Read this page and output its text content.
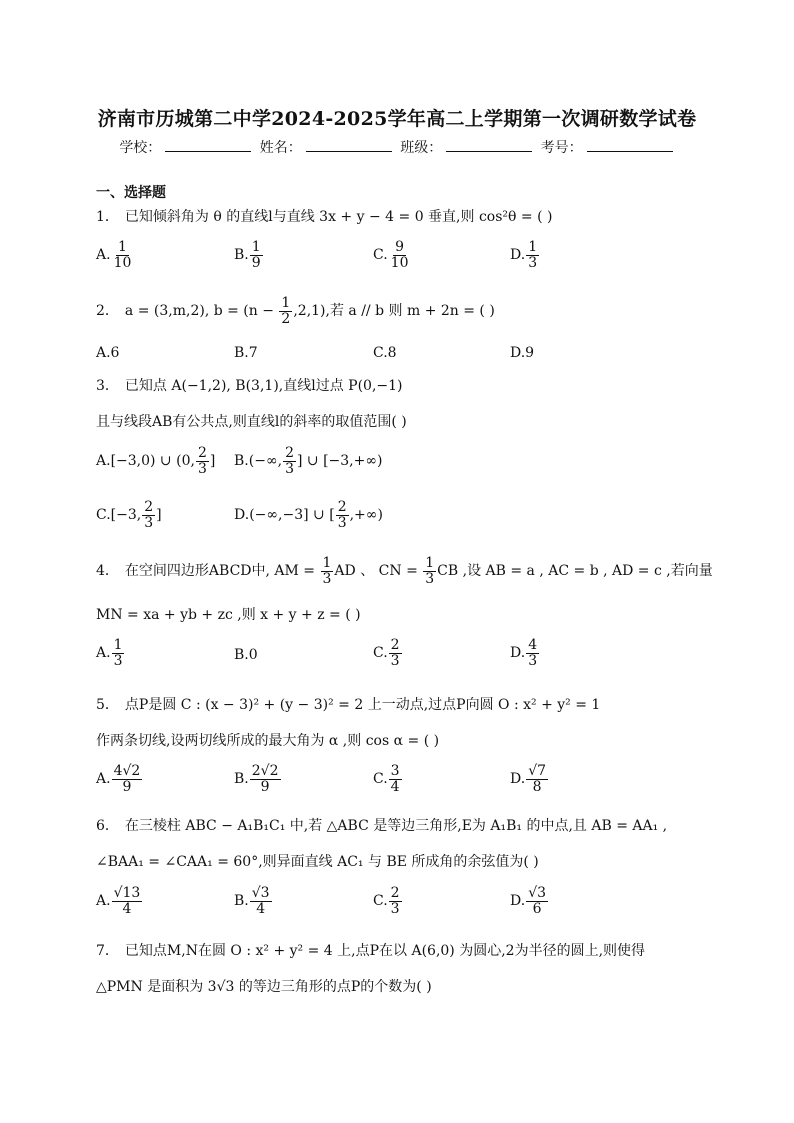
济南市历城第二中学2024-2025学年高二上学期第一次调研数学试卷
学校：	姓名：	班级：	考号：
一、选择题
1． 已知倾斜角为 θ 的直线l与直线 3x + y − 4 = 0 垂直,则 cos²θ = ( )
A. $\frac{1}{10}$	B. $\frac{1}{9}$	C. $\frac{9}{10}$	D. $\frac{1}{3}$
2． a = (3,m,2), $b = (n - \frac{1}{2} ,2,1)$,若 a // b 则 m + 2n = ( )
A.6	B.7	C.8	D.9
3． 已知点 A(−1,2), B(3,1),直线l过点 P(0,−1)
且与线段AB有公共点,则直线l的斜率的取值范围( )
A.[−3,0) ∪ (0, $\frac{2}{3}$ ] B.(−∞, $\frac{2}{3}$ ] ∪ [−3,+∞)
C.[−3, $\frac{2}{3}$ ]	D.(−∞,−3] ∪ [ $\frac{2}{3}$ ,+∞)
4． 在空间四边形ABCD中, AM = $\frac{1}{3}$ AD 、 CN = $\frac{1}{3}$ CB ,设 AB = a , AC = b , AD = c ,若向量
MN = xa + yb + zc ,则 x + y + z = ( )
A. $\frac{1}{3}$	B.0	C. $\frac{2}{3}$	D. $\frac{4}{3}$
5． 点P是圆 C : (x − 3)² + (y − 3)² = 2 上一动点,过点P向圆 O : x² + y² = 1
作两条切线,设两切线所成的最大角为 α ,则 cos α = ( )
A. $\frac{4√2}{9}$	B. $\frac{2√2}{9}$	C. $\frac{3}{4}$	D. $\frac{√7}{8}$
6． 在三棱柱 ABC − A₁B₁C₁ 中,若 △ABC 是等边三角形,E为 A₁B₁ 的中点,且 AB = AA₁ ,
∠BAA₁ = ∠CAA₁ = 60°,则异面直线 AC₁ 与 BE 所成角的余弦值为( )
A. $\frac{√13}{4}$	B. $\frac{√3}{4}$	C. $\frac{2}{3}$	D. $\frac{√3}{6}$
7． 已知点M,N在圆 O : x² + y² = 4 上,点P在以 A(6,0) 为圆心,2为半径的圆上,则使得
△PMN 是面积为 3√3 的等边三角形的点P的个数为( )
